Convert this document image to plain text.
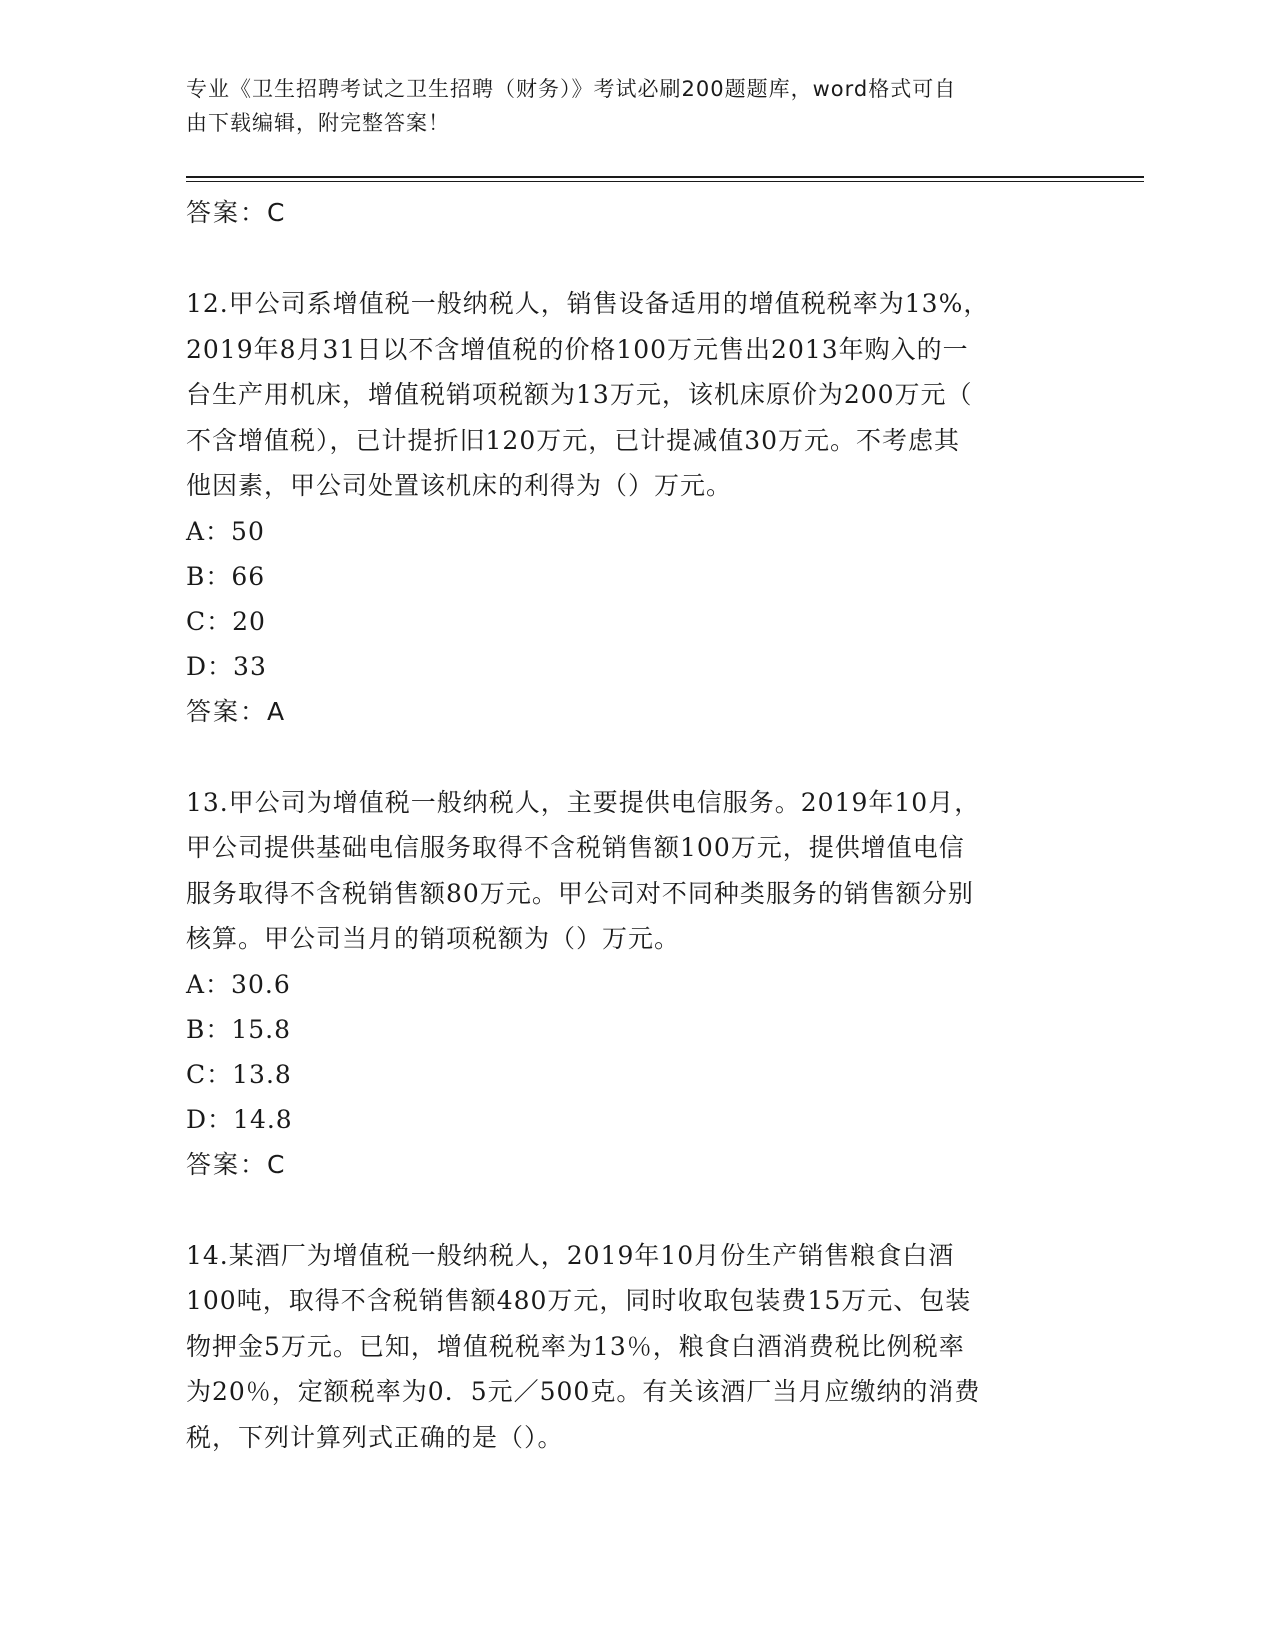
专业《卫生招聘考试之卫生招聘（财务）》考试必刷200题题库，word格式可自
由下载编辑，附完整答案！
答案：C
12.甲公司系增值税一般纳税人，销售设备适用的增值税税率为13%，
2019年8月31日以不含增值税的价格100万元售出2013年购入的一
台生产用机床，增值税销项税额为13万元，该机床原价为200万元（
不含增值税），已计提折旧120万元，已计提减值30万元。不考虑其
他因素，甲公司处置该机床的利得为（）万元。
A：50
B：66
C：20
D：33
答案：A
13.甲公司为增值税一般纳税人，主要提供电信服务。2019年10月，
甲公司提供基础电信服务取得不含税销售额100万元，提供增值电信
服务取得不含税销售额80万元。甲公司对不同种类服务的销售额分别
核算。甲公司当月的销项税额为（）万元。
A：30.6
B：15.8
C：13.8
D：14.8
答案：C
14.某酒厂为增值税一般纳税人，2019年10月份生产销售粮食白酒
100吨，取得不含税销售额480万元，同时收取包装费15万元、包装
物押金5万元。已知，增值税税率为13％，粮食白酒消费税比例税率
为20％，定额税率为0．5元／500克。有关该酒厂当月应缴纳的消费
税，下列计算列式正确的是（）。
